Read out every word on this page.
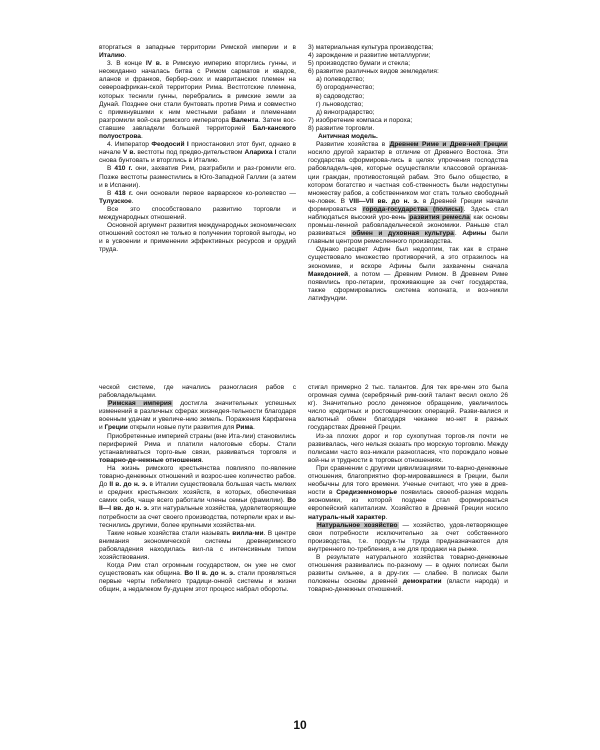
вторгаться в западные территории Римской империи и в Италию.

3. В конце IV в. в Римскую империю вторглись гунны, и неожиданно началась битва с Римом сарматов и квадов, аланов и франков, бербер-ских и мавританских племен на североафрикан-ской территории Рима. Вестготские племена, которых теснили гунны, перебрались в римские земли за Дунай. Позднее они стали бунтовать против Рима и совместно с примкнувшими к ним местными рабами и племенами разгромили вой-ска римского императора Валента. Затем вос-ставшие завладели большей территорией Бал-канского полуострова.

4. Император Феодосий I приостановил этот бунт, однако в начале V в. вестготы под предво-дительством Алариха I стали снова бунтовать и вторглись в Италию.

В 410 г. они, захватив Рим, разграбили и раз-громили его. Позже вестготы разместились в Юго-Западной Галлии (а затем и в Испании).

В 418 г. они основали первое варварское ко-ролевство — Тулузское.

Все это способствовало развитию торговли и международных отношений.

Основной аргумент развития международных экономических отношений состоял не только в получении торговой выгоды, но и в усвоении и применении эффективных ресурсов и орудий труда.

3) материальная культура производства;

4) зарождение и развитие металлургии;

5) производство бумаги и стекла;

6) развитие различных видов земледелия:

а) полеводство;

б) огородничество;

в) садоводство;

г) льноводство;

д) виноградарство;

7) изобретение компаса и пороха;

8) развитие торговли.

Античная модель.

Развитие хозяйства в Древнем Риме и Древ-ней Греции носило другой характер в отличие от Древнего Востока. Эти государства сформирова-лись в целях упрочения господства рабовладель-цев, которые осуществляли классовой организа-ции граждан, противостоящей рабам. Это было общество, в котором богатство и частная соб-ственность были недоступны множеству рабов, а собственником мог стать только свободный че-ловек. В VIII—VII вв. до н. э. в Древней Греции начали формироваться города-государства (полисы). Здесь стал наблюдаться высокий уро-вень развития ремесла как основы промыш-ленной рабовладельческой экономики. Раньше стал развиваться обмен и духовная культура. Афины были главным центром ремесленного производства.

Однако расцвет Афин был недолгим, так как в стране существовало множество противоречий, а это отразилось на экономике, и вскоре Афины были захвачены сначала Македонией, а потом — Древним Римом. В Древнем Риме появились про-летарии, проживающие за счет государства, также сформировались система колоната, и воз-никли латифундии.

ческой системе, где начались разногласия рабов с рабовладельцами.

Римская империя достигла значительных успешных изменений в различных сферах жизнедея-тельности благодаря военным удачам и увеличе-нию земель. Поражения Карфагена и Греции открыли новые пути развития для Рима.

Приобретенные империей страны (вне Ита-лии) становились периферией Рима и платили налоговые сборы. Стали устанавливаться торго-вые связи, развиваться торговля и товарно-де-нежные отношения.

На жизнь римского крестьянства повлияло по-явление товарно-денежных отношений и возрос-шее количество рабов. До II в. до н. э. в Италии существовала большая часть мелких и средних крестьянских хозяйств, в которых, обеспечивая самих себя, чаще всего работали члены семьи (фамилии). Во II—I вв. до н. э. эти натуральные хозяйства, удовлетворяющие потребности за счет своего производства, потерпели крах и вы-теснились другими, более крупными хозяйства-ми.

Такие новые хозяйства стали называть вилла-ми. В центре внимания экономической системы древнеримского рабовладения находилась вил-ла с интенсивным типом хозяйствования.

Когда Рим стал огромным государством, он уже не смог существовать как община. Во II в. до н. э. стали проявляться первые черты гибелиего традици-онной системы и жизни общин, а недалеком бу-дущем этот процесс набрал обороты.

стигал примерно 2 тыс. талантов. Для тех вре-мен это была огромная сумма (серебряный рим-ский талант весил около 26 кг). Значительно росло денежное обращение, увеличилось число кредитных и ростовщических операций. Разви-валися и валютный обмен благодаря чеканке мо-нет в разных государствах Древней Греции.

Из-за плохих дорог и гор сухопутная торгов-ля почти не развивалась, чего нельзя сказать про морскую торговлю. Между полисами часто воз-никали разногласия, что порождало новые вой-ны и трудности в торговых отношениях.

При сравнении с другими цивилизациями то-варно-денежные отношения, благоприятно фор-мировавшиеся в Греции, были необычны для того времени. Ученые считают, что уже в древ-ности в Средиземноморье появилась своеоб-разная модель экономики, из которой позднее стал формироваться европейский капитализм. Хозяйство в Древней Греции носило натураль-ный характер.

Натуральное хозяйство — хозяйство, удов-летворяющее свои потребности исключительно за счет собственного производства, т.е. продук-ты труда предназначаются для внутреннего по-требления, а не для продажи на рынке.

В результате натурального хозяйства товарно-денежные отношения развивались по-разному — в одних полисах были развиты сильнее, а в дру-гих — слабее. В полисах были положены основы древней демократии (власти народа) и товарно-денежных отношений.

10
